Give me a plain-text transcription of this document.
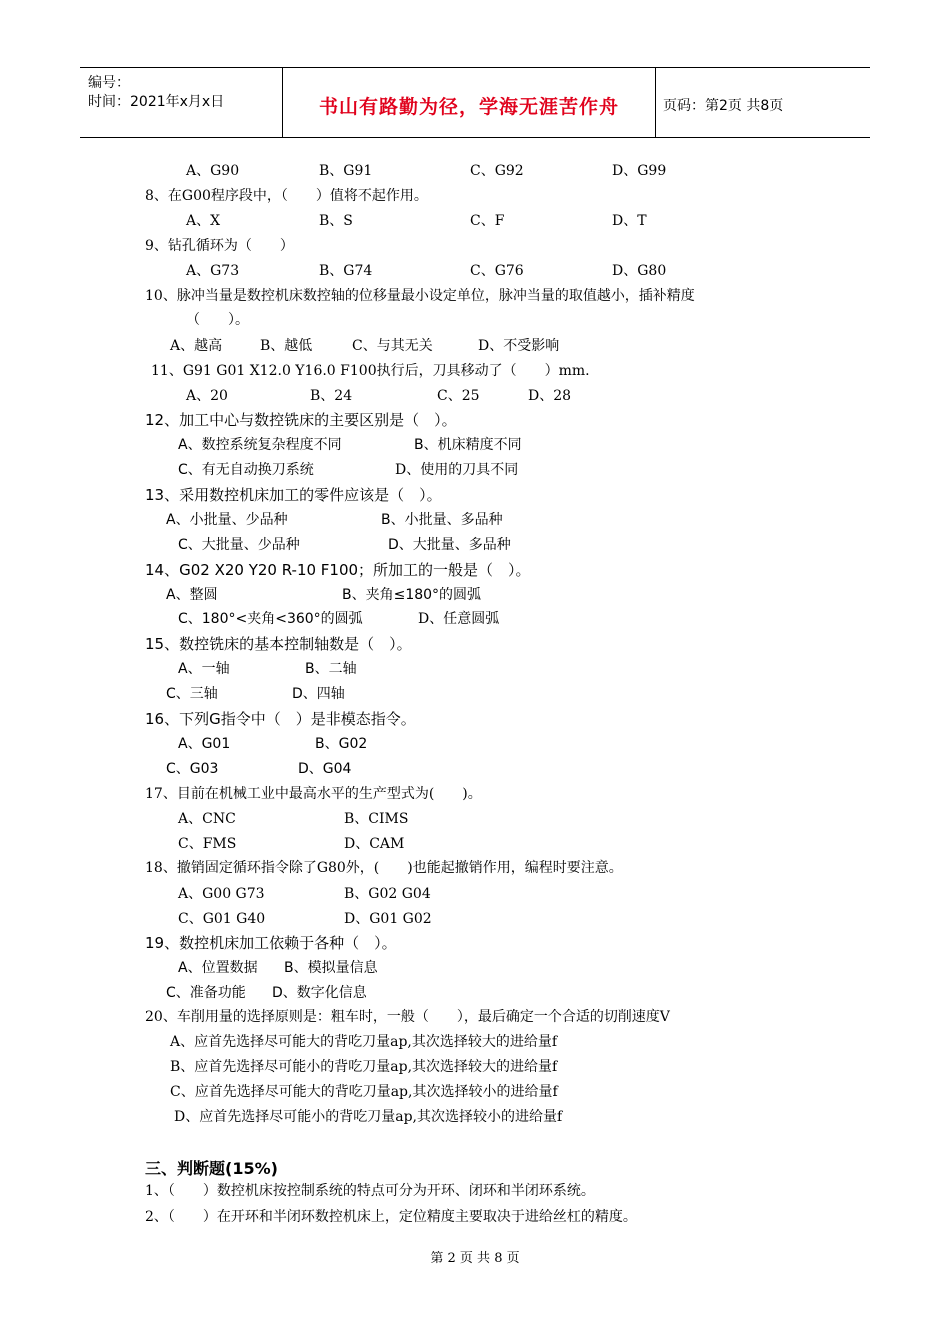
编号：
时间：2021年x月x日	书山有路勤为径，学海无涯苦作舟	页码：第2页 共8页
A、G90	B、G91	C、G92	D、G99
8、在G00程序段中，（　　）值将不起作用。
A、X	B、S	C、F	D、T
9、钻孔循环为（　　）
A、G73	B、G74	C、G76	D、G80
10、脉冲当量是数控机床数控轴的位移量最小设定单位，脉冲当量的取值越小，插补精度
（　　）。
A、越高	B、越低	C、与其无关	D、不受影响
11、G91 G01 X12.0 Y16.0 F100执行后，刀具移动了（　　）mm.
A、20	B、24	C、25	D、28
12、加工中心与数控铣床的主要区别是（　）。
A、数控系统复杂程度不同	B、机床精度不同
C、有无自动换刀系统	D、使用的刀具不同
13、采用数控机床加工的零件应该是（　）。
A、小批量、少品种	B、小批量、多品种
C、大批量、少品种	D、大批量、多品种
14、G02 X20 Y20 R-10 F100；所加工的一般是（　）。
A、整圆	B、夹角≤180°的圆弧
C、180°<夹角<360°的圆弧	D、任意圆弧
15、数控铣床的基本控制轴数是（　）。
A、一轴	B、二轴
C、三轴	D、四轴
16、下列G指令中（　）是非模态指令。
A、G01	B、G02
C、G03	D、G04
17、目前在机械工业中最高水平的生产型式为(　　)。
A、CNC	B、CIMS
C、FMS	D、CAM
18、撤销固定循环指令除了G80外，(　　)也能起撤销作用，编程时要注意。
A、G00 G73	B、G02 G04
C、G01 G40	D、G01 G02
19、数控机床加工依赖于各种（　）。
A、位置数据 B、模拟量信息
C、准备功能 D、数字化信息
20、车削用量的选择原则是：粗车时，一般（　　），最后确定一个合适的切削速度V
A、应首先选择尽可能大的背吃刀量ap,其次选择较大的进给量f
B、应首先选择尽可能小的背吃刀量ap,其次选择较大的进给量f
C、应首先选择尽可能大的背吃刀量ap,其次选择较小的进给量f
D、应首先选择尽可能小的背吃刀量ap,其次选择较小的进给量f
三、判断题(15%)
1、（　　）数控机床按控制系统的特点可分为开环、闭环和半闭环系统。
2、（　　）在开环和半闭环数控机床上，定位精度主要取决于进给丝杠的精度。
第 2 页 共 8 页
